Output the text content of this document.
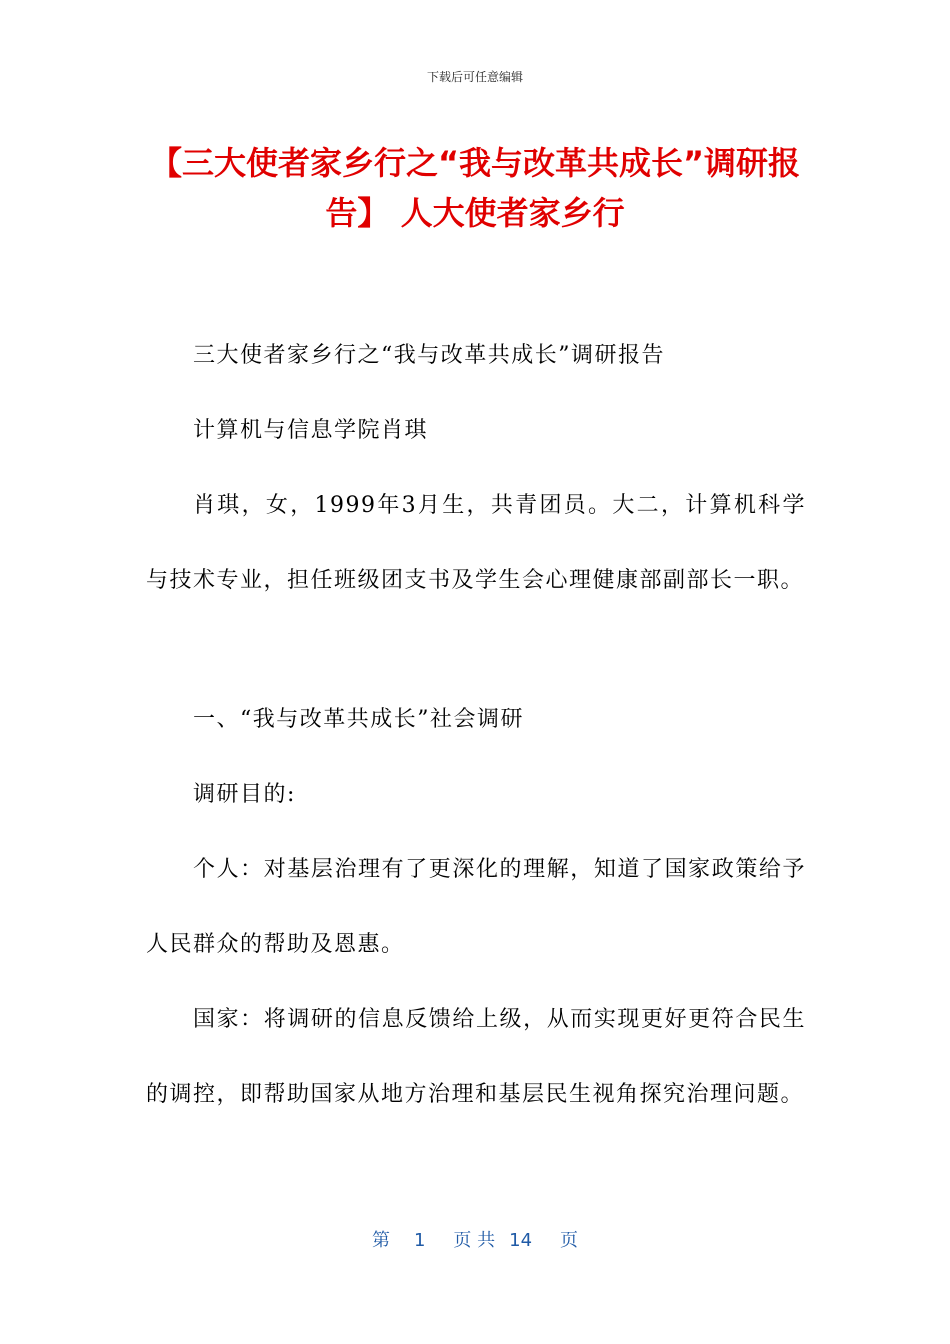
下载后可任意编辑
【三大使者家乡行之“我与改革共成长”调研报告】 人大使者家乡行

三大使者家乡行之“我与改革共成长”调研报告

计算机与信息学院肖琪

肖琪，女，1999年3月生，共青团员。大二，计算机科学与技术专业，担任班级团支书及学生会心理健康部副部长一职。

一、“我与改革共成长”社会调研

调研目的:

个人：对基层治理有了更深化的理解，知道了国家政策给予人民群众的帮助及恩惠。

国家：将调研的信息反馈给上级，从而实现更好更符合民生的调控，即帮助国家从地方治理和基层民生视角探究治理问题。

第 1 页 共 14 页
